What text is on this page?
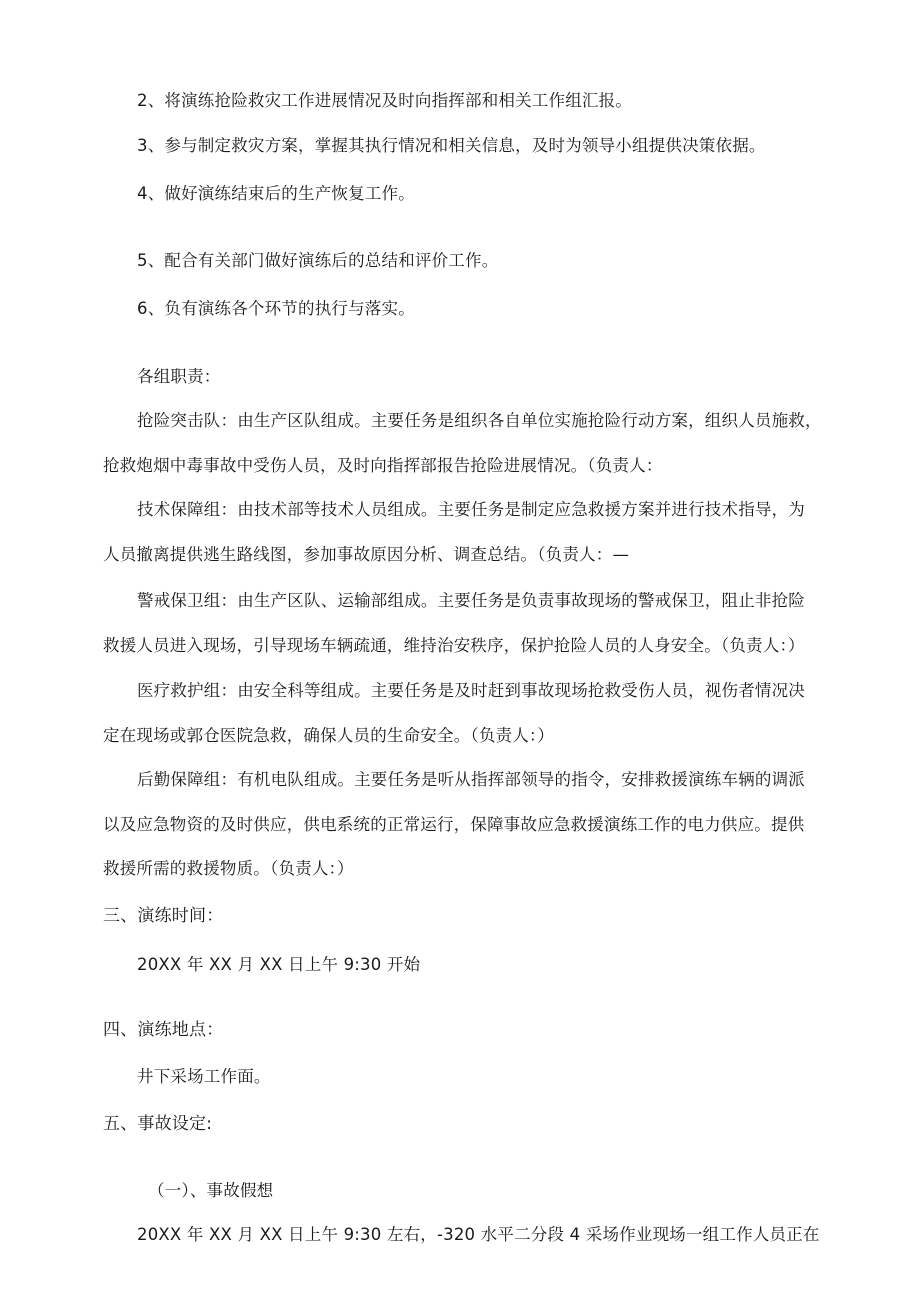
2、将演练抢险救灾工作进展情况及时向指挥部和相关工作组汇报。
3、参与制定救灾方案，掌握其执行情况和相关信息，及时为领导小组提供决策依据。
4、做好演练结束后的生产恢复工作。
5、配合有关部门做好演练后的总结和评价工作。
6、负有演练各个环节的执行与落实。
各组职责：
抢险突击队：由生产区队组成。主要任务是组织各自单位实施抢险行动方案，组织人员施救，
抢救炮烟中毒事故中受伤人员，及时向指挥部报告抢险进展情况。（负责人：
技术保障组：由技术部等技术人员组成。主要任务是制定应急救援方案并进行技术指导，为
人员撤离提供逃生路线图，参加事故原因分析、调查总结。（负责人：—
警戒保卫组：由生产区队、运输部组成。主要任务是负责事故现场的警戒保卫，阻止非抢险
救援人员进入现场，引导现场车辆疏通，维持治安秩序，保护抢险人员的人身安全。（负责人：）
医疗救护组：由安全科等组成。主要任务是及时赶到事故现场抢救受伤人员，视伤者情况决
定在现场或郭仓医院急救，确保人员的生命安全。（负责人：）
后勤保障组：有机电队组成。主要任务是听从指挥部领导的指令，安排救援演练车辆的调派
以及应急物资的及时供应，供电系统的正常运行，保障事故应急救援演练工作的电力供应。提供
救援所需的救援物质。（负责人：）
三、演练时间：
20XX 年 XX 月 XX 日上午 9:30 开始
四、演练地点：
井下采场工作面。
五、事故设定:
（一）、事故假想
20XX 年 XX 月 XX 日上午 9:30 左右，-320 水平二分段 4 采场作业现场一组工作人员正在
